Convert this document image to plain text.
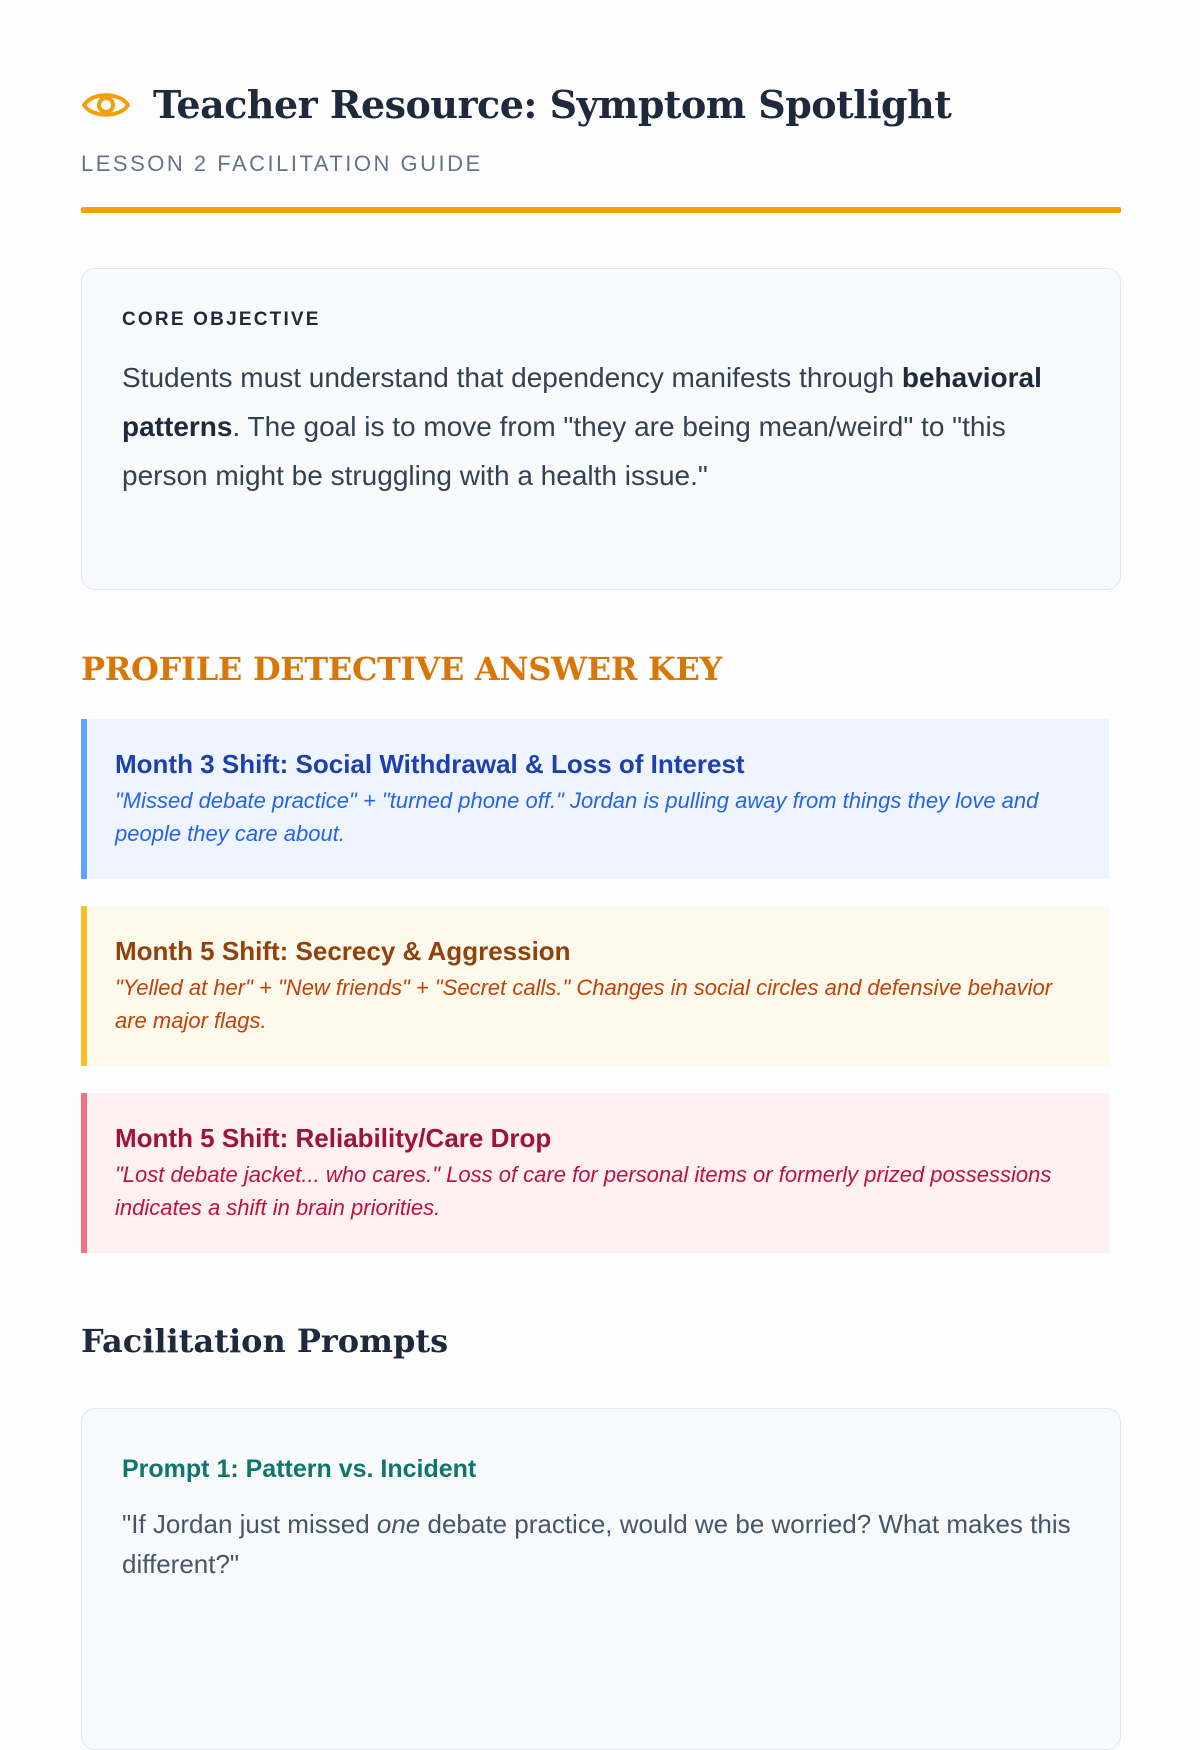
Teacher Resource: Symptom Spotlight
LESSON 2 FACILITATION GUIDE
CORE OBJECTIVE
Students must understand that dependency manifests through behavioral patterns. The goal is to move from "they are being mean/weird" to "this person might be struggling with a health issue."
PROFILE DETECTIVE ANSWER KEY
Month 3 Shift: Social Withdrawal & Loss of Interest
"Missed debate practice" + "turned phone off." Jordan is pulling away from things they love and people they care about.
Month 5 Shift: Secrecy & Aggression
"Yelled at her" + "New friends" + "Secret calls." Changes in social circles and defensive behavior are major flags.
Month 5 Shift: Reliability/Care Drop
"Lost debate jacket... who cares." Loss of care for personal items or formerly prized possessions indicates a shift in brain priorities.
Facilitation Prompts
Prompt 1: Pattern vs. Incident
"If Jordan just missed one debate practice, would we be worried? What makes this different?"
